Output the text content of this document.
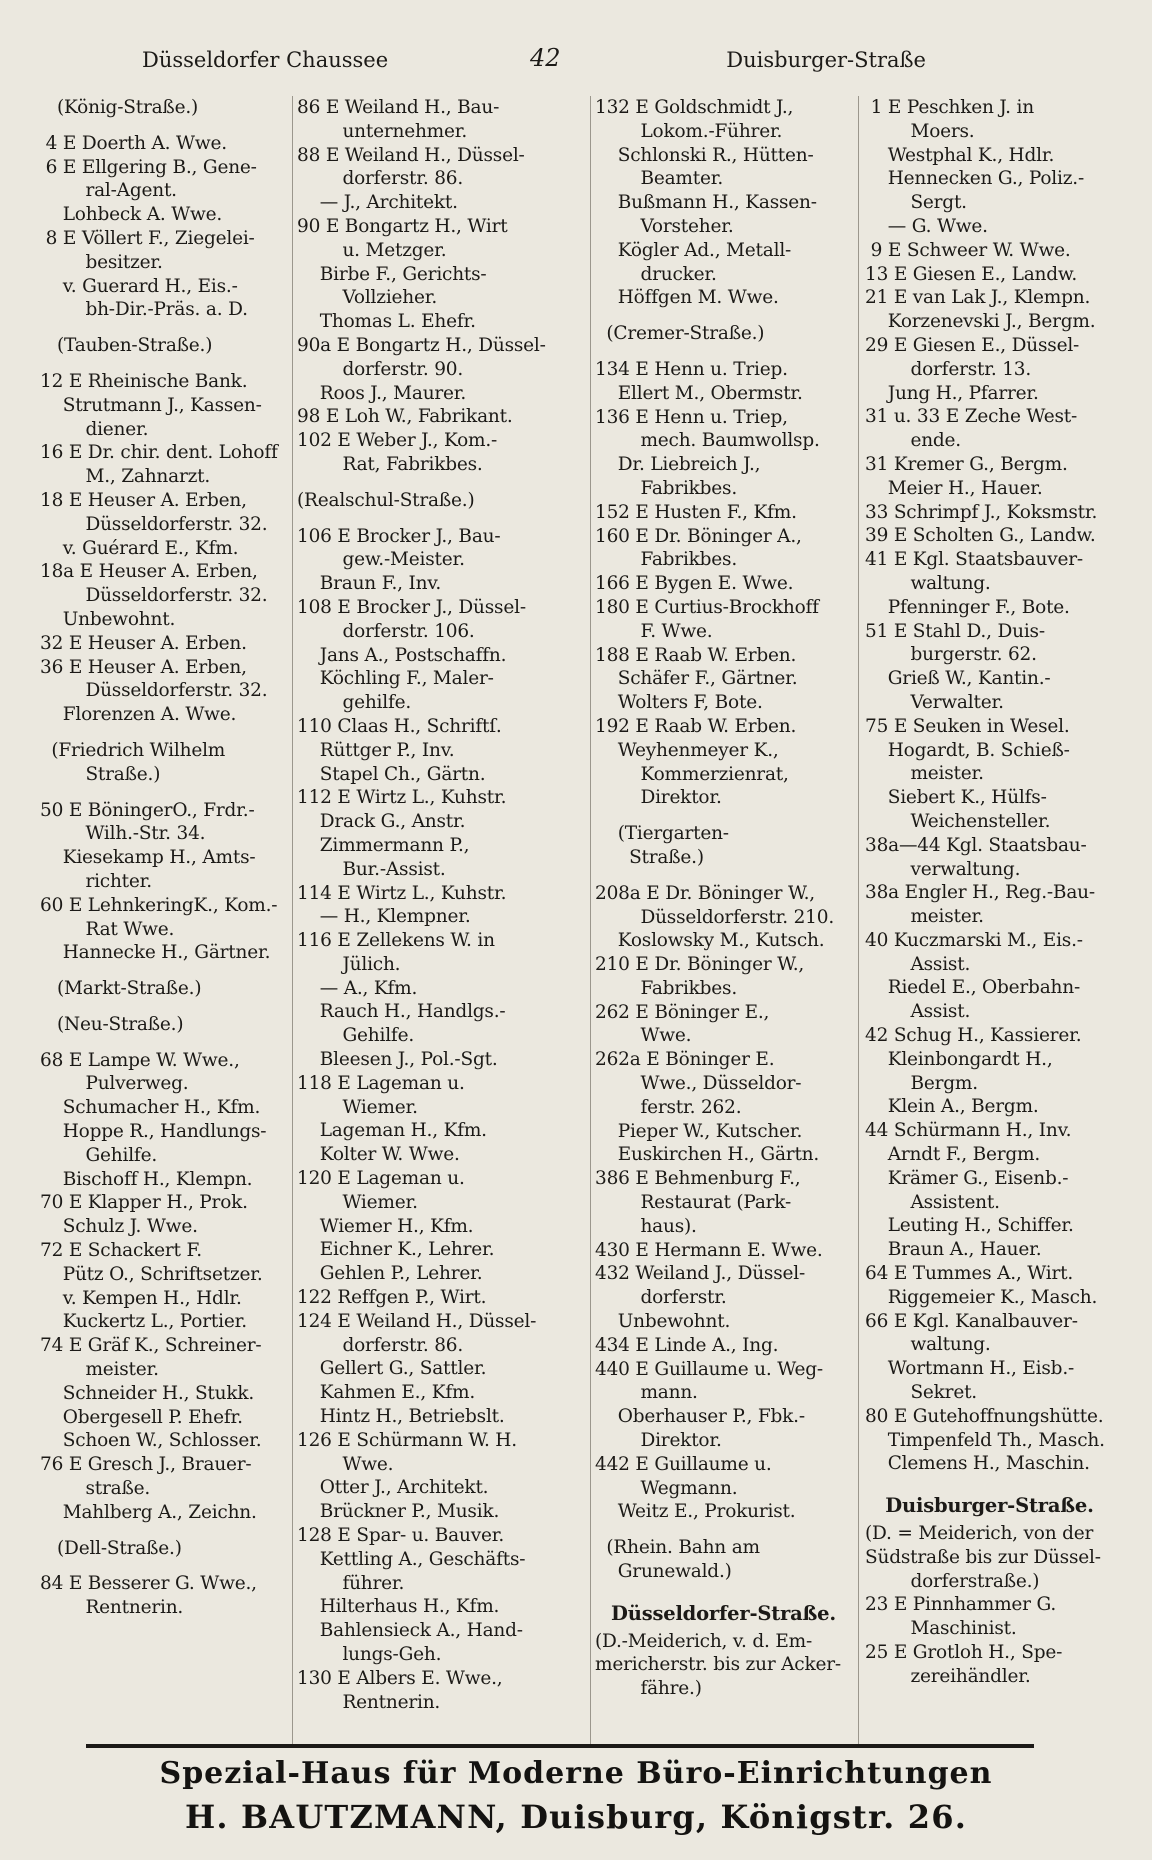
Düsseldorfer Chaussee	42	Duisburger-Straße
(König-Straße.)
4 E Doerth A. Wwe.
6 E Ellgering B., Gene-
ral-Agent.
Lohbeck A. Wwe.
8 E Völlert F., Ziegelei-
besitzer.
v. Guerard H., Eis.-
bh-Dir.-Präs. a. D.
(Tauben-Straße.)
12 E Rheinische Bank.
Strutmann J., Kassen-
diener.
16 E Dr. chir. dent. Lohoff
M., Zahnarzt.
18 E Heuser A. Erben,
Düsseldorferstr. 32.
v. Guérard E., Kfm.
18a E Heuser A. Erben,
Düsseldorferstr. 32.
Unbewohnt.
32 E Heuser A. Erben.
36 E Heuser A. Erben,
Düsseldorferstr. 32.
Florenzen A. Wwe.
(Friedrich Wilhelm
Straße.)
50 E BöningerO., Frdr.-
Wilh.-Str. 34.
Kiesekamp H., Amts-
richter.
60 E LehnkeringK., Kom.-
Rat Wwe.
Hannecke H., Gärtner.
(Markt-Straße.)
(Neu-Straße.)
68 E Lampe W. Wwe.,
Pulverweg.
Schumacher H., Kfm.
Hoppe R., Handlungs-
Gehilfe.
Bischoff H., Klempn.
70 E Klapper H., Prok.
Schulz J. Wwe.
72 E Schackert F.
Pütz O., Schriftsetzer.
v. Kempen H., Hdlr.
Kuckertz L., Portier.
74 E Gräf K., Schreiner-
meister.
Schneider H., Stukk.
Obergesell P. Ehefr.
Schoen W., Schlosser.
76 E Gresch J., Brauer-
straße.
Mahlberg A., Zeichn.
(Dell-Straße.)
84 E Besserer G. Wwe.,
Rentnerin.
86 E Weiland H., Bau-
unternehmer.
88 E Weiland H., Düssel-
dorferstr. 86.
— J., Architekt.
90 E Bongartz H., Wirt
u. Metzger.
Birbe F., Gerichts-
Vollzieher.
Thomas L. Ehefr.
90a E Bongartz H., Düssel-
dorferstr. 90.
Roos J., Maurer.
98 E Loh W., Fabrikant.
102 E Weber J., Kom.-
Rat, Fabrikbes.
(Realschul-Straße.)
106 E Brocker J., Bau-
gew.-Meister.
Braun F., Inv.
108 E Brocker J., Düssel-
dorferstr. 106.
Jans A., Postschaffn.
Köchling F., Maler-
gehilfe.
110 Claas H., Schriftſ.
Rüttger P., Inv.
Stapel Ch., Gärtn.
112 E Wirtz L., Kuhstr.
Drack G., Anstr.
Zimmermann P.,
Bur.-Assist.
114 E Wirtz L., Kuhstr.
— H., Klempner.
116 E Zellekens W. in
Jülich.
— A., Kfm.
Rauch H., Handlgs.-
Gehilfe.
Bleesen J., Pol.-Sgt.
118 E Lageman u.
Wiemer.
Lageman H., Kfm.
Kolter W. Wwe.
120 E Lageman u.
Wiemer.
Wiemer H., Kfm.
Eichner K., Lehrer.
Gehlen P., Lehrer.
122 Reffgen P., Wirt.
124 E Weiland H., Düssel-
dorferstr. 86.
Gellert G., Sattler.
Kahmen E., Kfm.
Hintz H., Betriebslt.
126 E Schürmann W. H.
Wwe.
Otter J., Architekt.
Brückner P., Musik.
128 E Spar- u. Bauver.
Kettling A., Geschäfts-
führer.
Hilterhaus H., Kfm.
Bahlensieck A., Hand-
lungs-Geh.
130 E Albers E. Wwe.,
Rentnerin.
132 E Goldschmidt J.,
Lokom.-Führer.
Schlonski R., Hütten-
Beamter.
Bußmann H., Kassen-
Vorsteher.
Kögler Ad., Metall-
drucker.
Höffgen M. Wwe.
(Cremer-Straße.)
134 E Henn u. Triep.
Ellert M., Obermstr.
136 E Henn u. Triep,
mech. Baumwollsp.
Dr. Liebreich J.,
Fabrikbes.
152 E Husten F., Kfm.
160 E Dr. Böninger A.,
Fabrikbes.
166 E Bygen E. Wwe.
180 E Curtius-Brockhoff
F. Wwe.
188 E Raab W. Erben.
Schäfer F., Gärtner.
Wolters F, Bote.
192 E Raab W. Erben.
Weyhenmeyer K.,
Kommerzienrat,
Direktor.
(Tiergarten-
Straße.)
208a E Dr. Böninger W.,
Düsseldorferstr. 210.
Koslowsky M., Kutsch.
210 E Dr. Böninger W.,
Fabrikbes.
262 E Böninger E.,
Wwe.
262a E Böninger E.
Wwe., Düsseldor-
ferstr. 262.
Pieper W., Kutscher.
Euskirchen H., Gärtn.
386 E Behmenburg F.,
Restaurat (Park-
haus).
430 E Hermann E. Wwe.
432 Weiland J., Düssel-
dorferstr.
Unbewohnt.
434 E Linde A., Ing.
440 E Guillaume u. Weg-
mann.
Oberhauser P., Fbk.-
Direktor.
442 E Guillaume u.
Wegmann.
Weitz E., Prokurist.
(Rhein. Bahn am
Grunewald.)
Düsseldorfer-Straße.
(D.-Meiderich, v. d. Em-
mericherstr. bis zur Acker-
fähre.)
1 E Peschken J. in
Moers.
Westphal K., Hdlr.
Hennecken G., Poliz.-
Sergt.
— G. Wwe.
9 E Schweer W. Wwe.
13 E Giesen E., Landw.
21 E van Lak J., Klempn.
Korzenevski J., Bergm.
29 E Giesen E., Düssel-
dorferstr. 13.
Jung H., Pfarrer.
31 u. 33 E Zeche West-
ende.
31 Kremer G., Bergm.
Meier H., Hauer.
33 Schrimpf J., Koksmstr.
39 E Scholten G., Landw.
41 E Kgl. Staatsbauver-
waltung.
Pfenninger F., Bote.
51 E Stahl D., Duis-
burgerstr. 62.
Grieß W., Kantin.-
Verwalter.
75 E Seuken in Wesel.
Hogardt, B. Schieß-
meister.
Siebert K., Hülfs-
Weichensteller.
38a—44 Kgl. Staatsbau-
verwaltung.
38a Engler H., Reg.-Bau-
meister.
40 Kuczmarski M., Eis.-
Assist.
Riedel E., Oberbahn-
Assist.
42 Schug H., Kassierer.
Kleinbongardt H.,
Bergm.
Klein A., Bergm.
44 Schürmann H., Inv.
Arndt F., Bergm.
Krämer G., Eisenb.-
Assistent.
Leuting H., Schiffer.
Braun A., Hauer.
64 E Tummes A., Wirt.
Riggemeier K., Masch.
66 E Kgl. Kanalbauver-
waltung.
Wortmann H., Eisb.-
Sekret.
80 E Gutehoffnungshütte.
Timpenfeld Th., Masch.
Clemens H., Maschin.
Duisburger-Straße.
(D. = Meiderich, von der
Südstraße bis zur Düssel-
dorferstraße.)
23 E Pinnhammer G.
Maschinist.
25 E Grotloh H., Spe-
zereihändler.
Spezial-Haus für Moderne Büro-Einrichtungen
H. BAUTZMANN, Duisburg, Königstr. 26.
